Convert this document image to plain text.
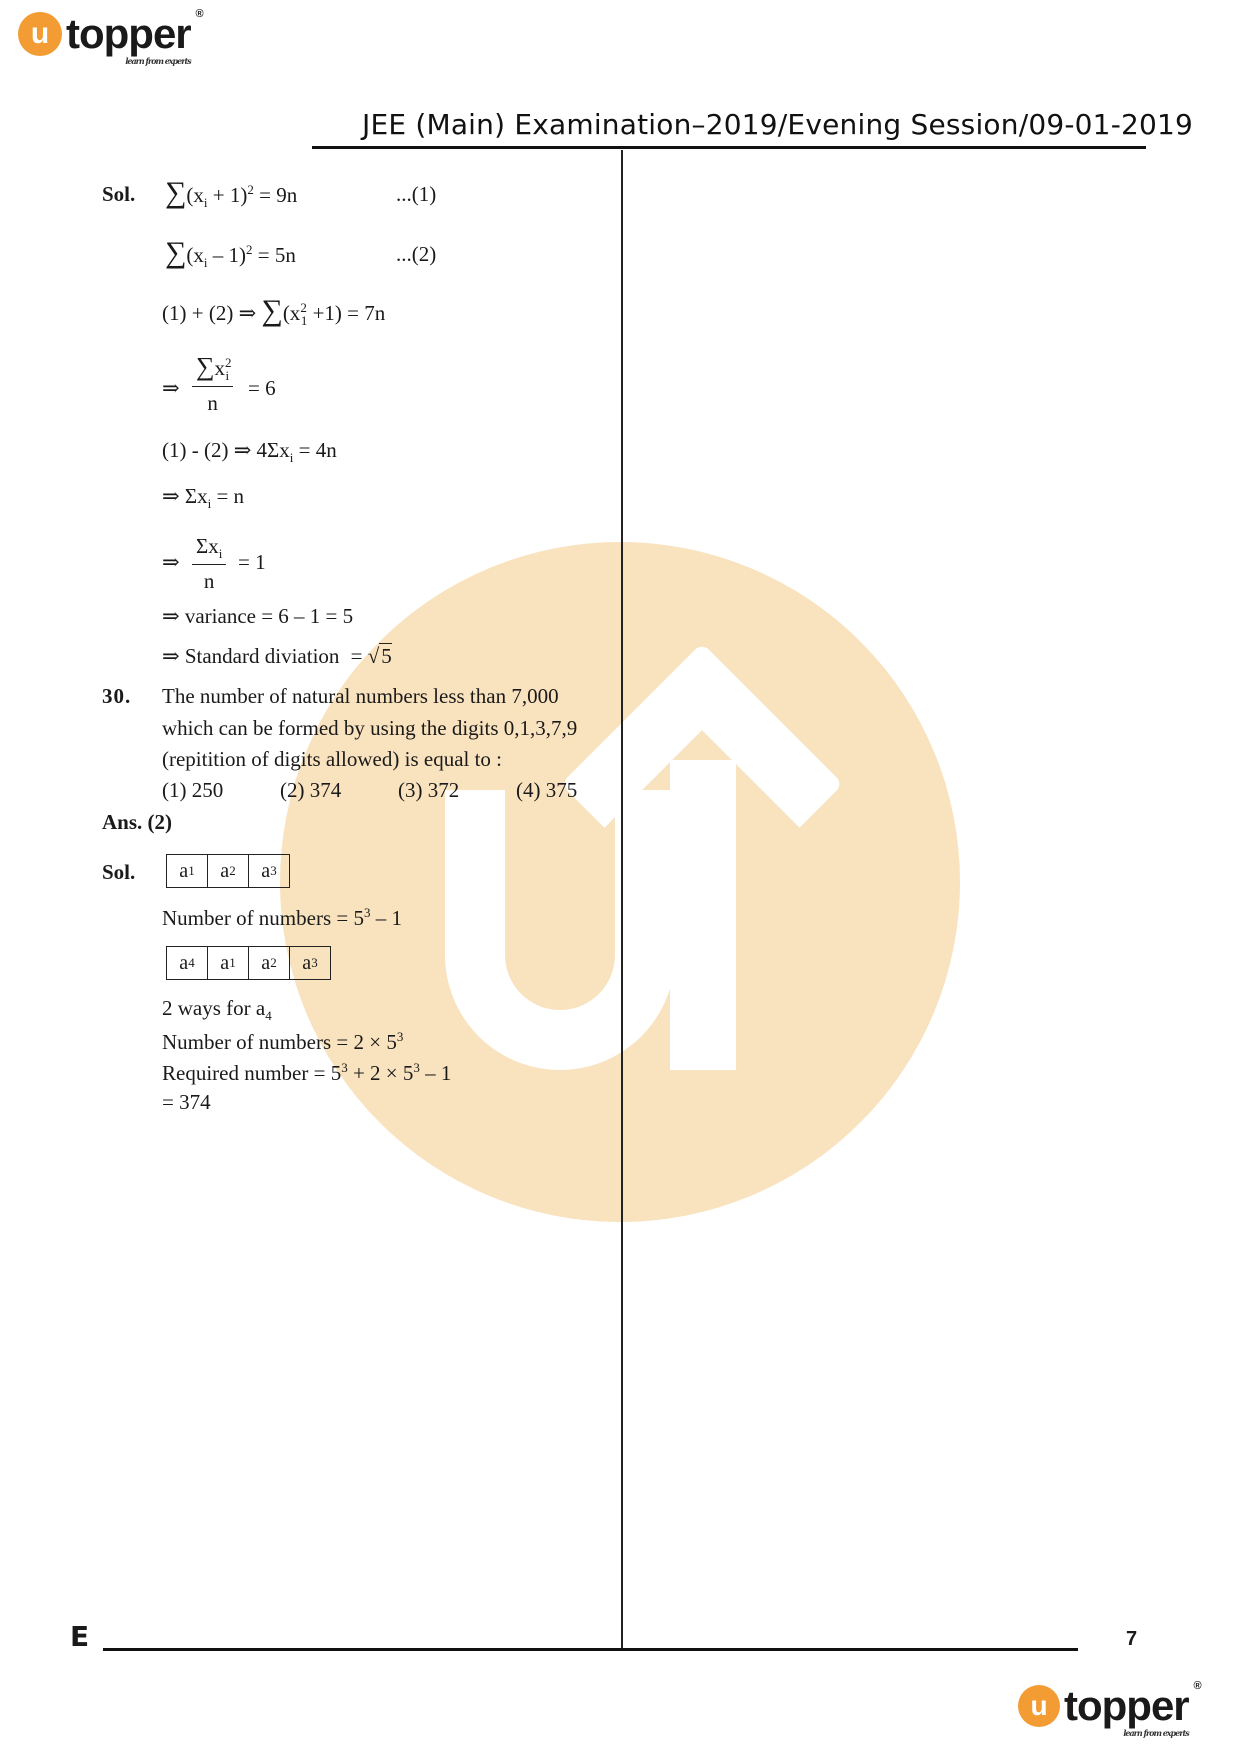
u topper ®
learn from experts
JEE (Main) Examination–2019/Evening Session/09-01-2019
Sol. $\sum(x_i + 1)^2 = 9n$	...(1)
$\sum(x_i - 1)^2 = 5n$	...(2)
(1) + (2) ⇒ $\sum(x^2_1 +1) = 7n$
⇒ $\frac{\sum x^2_i}{n} = 6$
(1) - (2) ⇒ $4\Sigma x_i = 4n$
⇒ $\Sigma x_i = n$
⇒
$\Sigma x_i$
n
= 1
⇒ variance = 6 – 1 = 5
⇒ Standard diviation = √5
30. The number of natural numbers less than 7,000
which can be formed by using the digits 0,1,3,7,9
(repitition of digits allowed) is equal to :
(1) 250	(2) 374	(3) 372	(4) 375
Ans. (2)
Sol. a 1 a 2 a 3
Number of numbers = $5^3 - 1$
a 4 a 1 a 2 a 3
2 ways for $a_4$
Number of numbers = $2 \times 5^3$
Required number = $5^3 + 2 \times 5^3 - 1$
= 374
E	7
u topper ®
learn from experts
